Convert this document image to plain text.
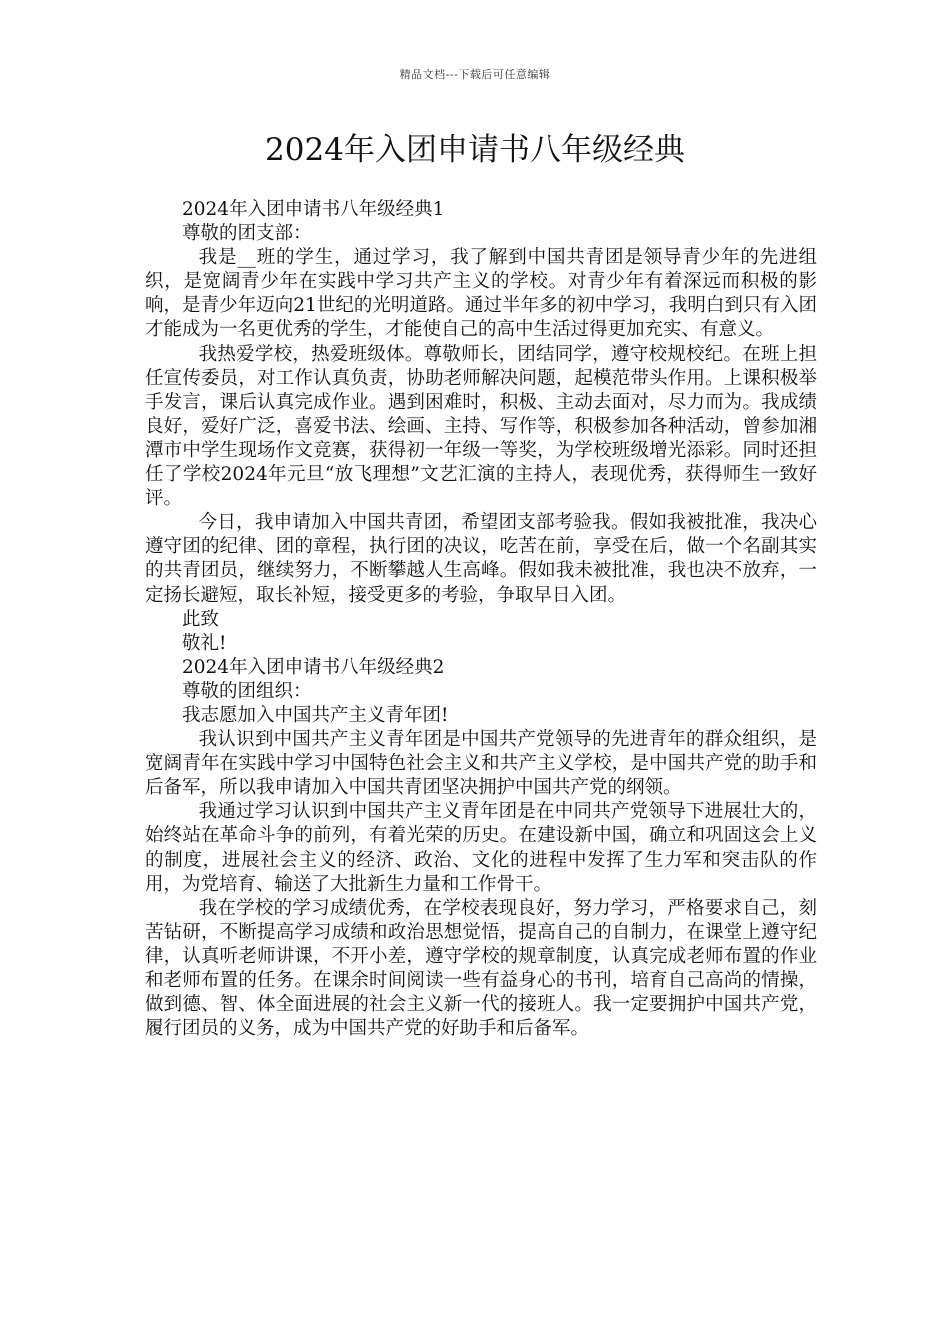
精品文档---下载后可任意编辑
2024年入团申请书八年级经典

2024年入团申请书八年级经典1

尊敬的团支部：

我是__班的学生，通过学习，我了解到中国共青团是领导青少年的先进组织，是宽阔青少年在实践中学习共产主义的学校。对青少年有着深远而积极的影响，是青少年迈向21世纪的光明道路。通过半年多的初中学习，我明白到只有入团才能成为一名更优秀的学生，才能使自己的高中生活过得更加充实、有意义。

我热爱学校，热爱班级体。尊敬师长，团结同学，遵守校规校纪。在班上担任宣传委员，对工作认真负责，协助老师解决问题，起模范带头作用。上课积极举手发言，课后认真完成作业。遇到困难时，积极、主动去面对，尽力而为。我成绩良好，爱好广泛，喜爱书法、绘画、主持、写作等，积极参加各种活动，曾参加湘潭市中学生现场作文竞赛，获得初一年级一等奖，为学校班级增光添彩。同时还担任了学校2024年元旦“放飞理想”文艺汇演的主持人，表现优秀，获得师生一致好评。

今日，我申请加入中国共青团，希望团支部考验我。假如我被批准，我决心遵守团的纪律、团的章程，执行团的决议，吃苦在前，享受在后，做一个名副其实的共青团员，继续努力，不断攀越人生高峰。假如我未被批准，我也决不放弃，一定扬长避短，取长补短，接受更多的考验，争取早日入团。

此致

敬礼!

2024年入团申请书八年级经典2

尊敬的团组织：

我志愿加入中国共产主义青年团!

我认识到中国共产主义青年团是中国共产党领导的先进青年的群众组织，是宽阔青年在实践中学习中国特色社会主义和共产主义学校，是中国共产党的助手和后备军，所以我申请加入中国共青团坚决拥护中国共产党的纲领。

我通过学习认识到中国共产主义青年团是在中同共产党领导下进展壮大的，始终站在革命斗争的前列，有着光荣的历史。在建设新中国，确立和巩固这会上义的制度，进展社会主义的经济、政治、文化的进程中发挥了生力军和突击队的作用，为党培育、输送了大批新生力量和工作骨干。

我在学校的学习成绩优秀，在学校表现良好，努力学习，严格要求自己，刻苦钻研，不断提高学习成绩和政治思想觉悟，提高自己的自制力，在课堂上遵守纪律，认真听老师讲课，不开小差，遵守学校的规章制度，认真完成老师布置的作业和老师布置的任务。在课余时间阅读一些有益身心的书刊，培育自己高尚的情操，做到德、智、体全面进展的社会主义新一代的接班人。我一定要拥护中国共产党，履行团员的义务，成为中国共产党的好助手和后备军。
